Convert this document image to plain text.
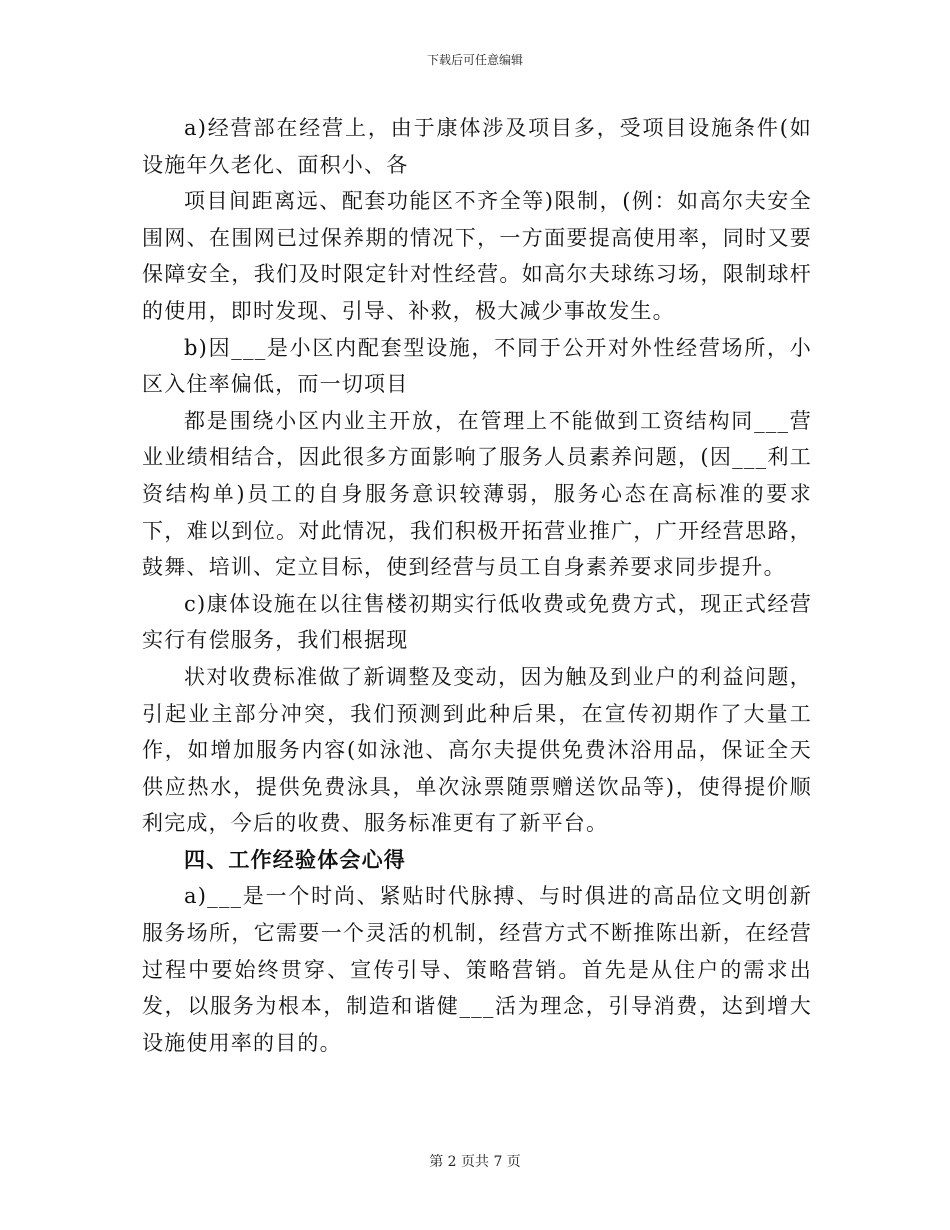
下载后可任意编辑

a)经营部在经营上，由于康体涉及项目多，受项目设施条件(如设施年久老化、面积小、各

项目间距离远、配套功能区不齐全等)限制，(例：如高尔夫安全围网、在围网已过保养期的情况下，一方面要提高使用率，同时又要保障安全，我们及时限定针对性经营。如高尔夫球练习场，限制球杆的使用，即时发现、引导、补救，极大减少事故发生。

b)因___是小区内配套型设施，不同于公开对外性经营场所，小区入住率偏低，而一切项目

都是围绕小区内业主开放，在管理上不能做到工资结构同___营业业绩相结合，因此很多方面影响了服务人员素养问题，(因___利工资结构单)员工的自身服务意识较薄弱，服务心态在高标准的要求下，难以到位。对此情况，我们积极开拓营业推广，广开经营思路，鼓舞、培训、定立目标，使到经营与员工自身素养要求同步提升。

c)康体设施在以往售楼初期实行低收费或免费方式，现正式经营实行有偿服务，我们根据现

状对收费标准做了新调整及变动，因为触及到业户的利益问题，引起业主部分冲突，我们预测到此种后果，在宣传初期作了大量工作，如增加服务内容(如泳池、高尔夫提供免费沐浴用品，保证全天供应热水，提供免费泳具，单次泳票随票赠送饮品等)，使得提价顺利完成，今后的收费、服务标准更有了新平台。

四、工作经验体会心得

a)___是一个时尚、紧贴时代脉搏、与时俱进的高品位文明创新服务场所，它需要一个灵活的机制，经营方式不断推陈出新，在经营过程中要始终贯穿、宣传引导、策略营销。首先是从住户的需求出发，以服务为根本，制造和谐健___活为理念，引导消费，达到增大设施使用率的目的。

第 2 页共 7 页
